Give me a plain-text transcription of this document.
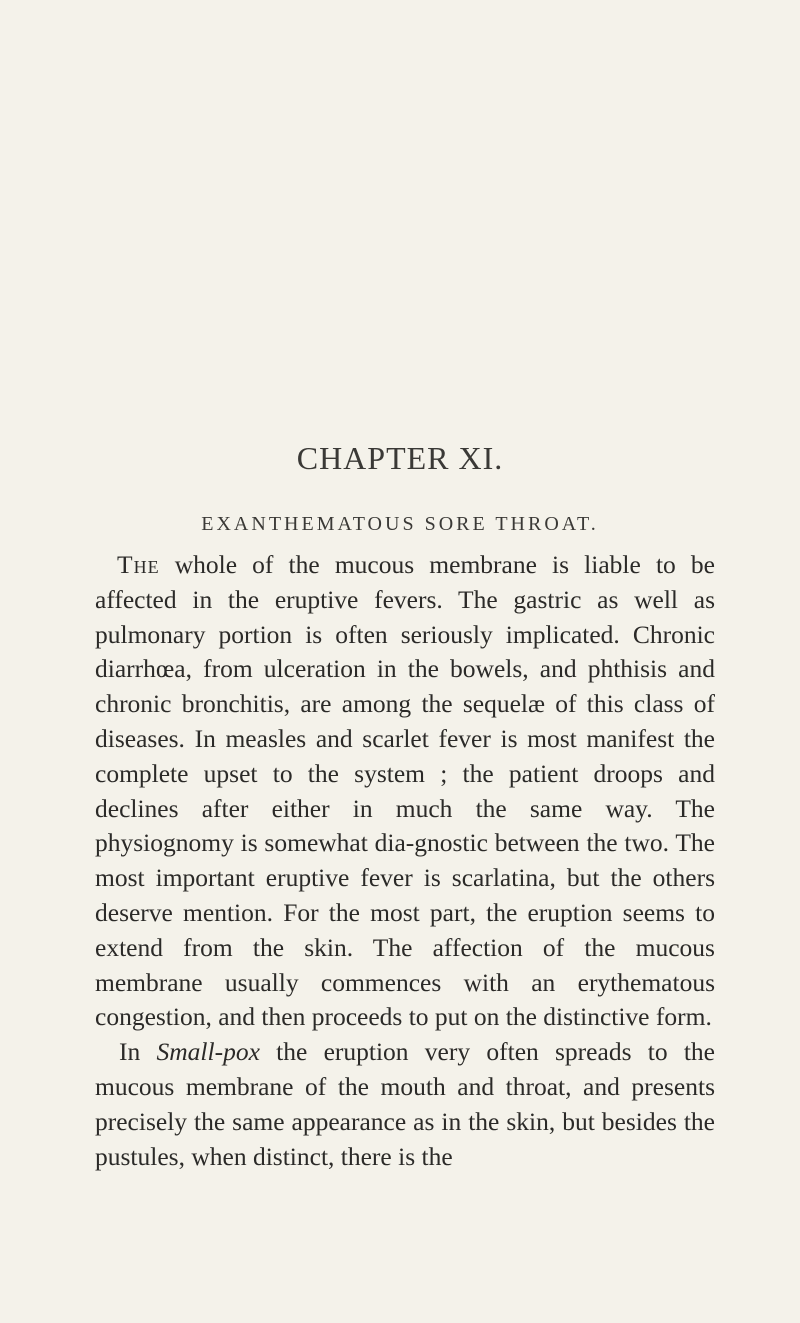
CHAPTER XI.
EXANTHEMATOUS SORE THROAT.

The whole of the mucous membrane is liable to be affected in the eruptive fevers. The gastric as well as pulmonary portion is often seriously implicated. Chronic diarrhœa, from ulceration in the bowels, and phthisis and chronic bronchitis, are among the sequelæ of this class of diseases. In measles and scarlet fever is most manifest the complete upset to the system ; the patient droops and declines after either in much the same way. The physiognomy is somewhat dia-gnostic between the two. The most important eruptive fever is scarlatina, but the others deserve mention. For the most part, the eruption seems to extend from the skin. The affection of the mucous membrane usually commences with an erythematous congestion, and then proceeds to put on the distinctive form.

In Small-pox the eruption very often spreads to the mucous membrane of the mouth and throat, and presents precisely the same appearance as in the skin, but besides the pustules, when distinct, there is the
